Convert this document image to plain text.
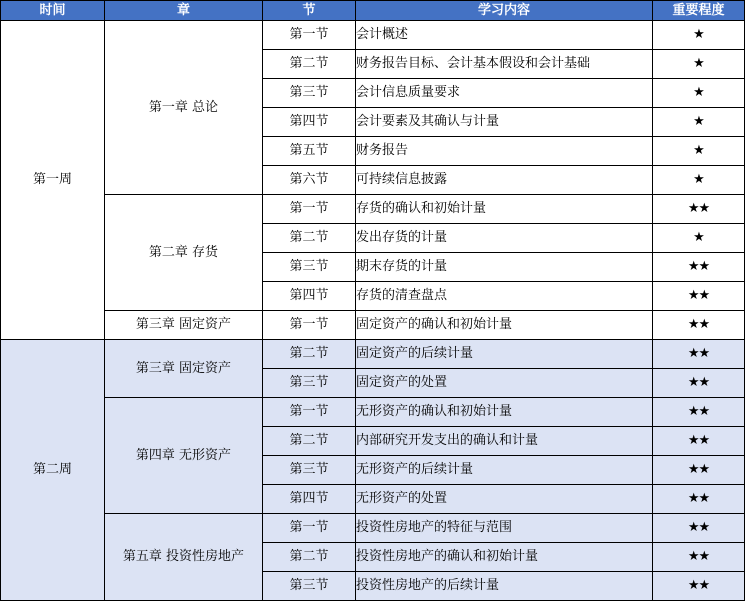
时间	章	节	学习内容	重要程度
第一周	第一章 总论	第一节	会计概述	★
		第二节	财务报告目标、会计基本假设和会计基础	★
		第三节	会计信息质量要求	★
		第四节	会计要素及其确认与计量	★
		第五节	财务报告	★
		第六节	可持续信息披露	★
	第二章 存货	第一节	存货的确认和初始计量	★★
		第二节	发出存货的计量	★
		第三节	期末存货的计量	★★
		第四节	存货的清查盘点	★★
	第三章 固定资产	第一节	固定资产的确认和初始计量	★★
第二周	第三章 固定资产	第二节	固定资产的后续计量	★★
		第三节	固定资产的处置	★★
	第四章 无形资产	第一节	无形资产的确认和初始计量	★★
		第二节	内部研究开发支出的确认和计量	★★
		第三节	无形资产的后续计量	★★
		第四节	无形资产的处置	★★
	第五章 投资性房地产	第一节	投资性房地产的特征与范围	★★
		第二节	投资性房地产的确认和初始计量	★★
		第三节	投资性房地产的后续计量	★★
